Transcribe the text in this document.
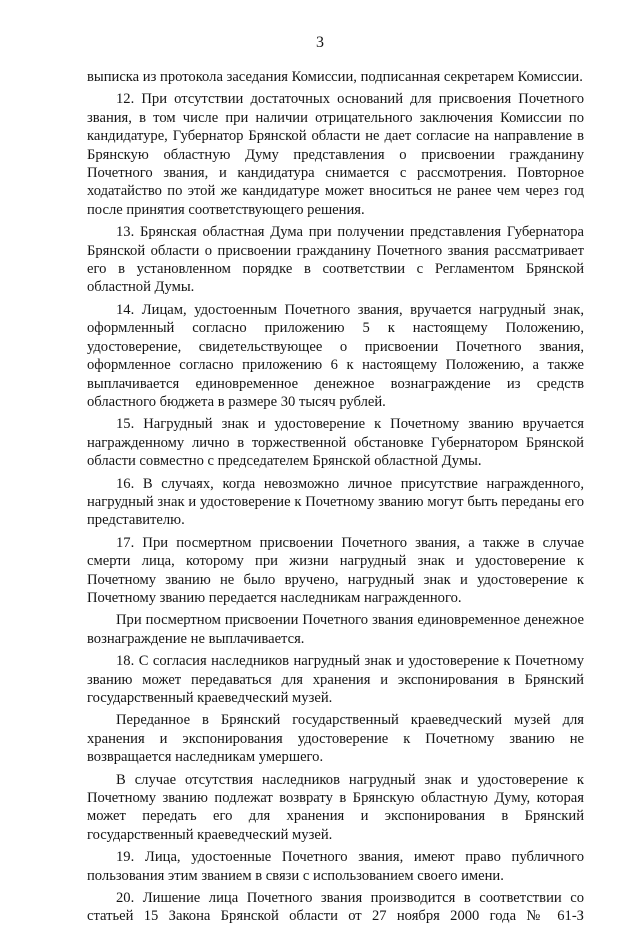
3

выписка из протокола заседания Комиссии, подписанная секретарем Комиссии.

12. При отсутствии достаточных оснований для присвоения Почетного звания, в том числе при наличии отрицательного заключения Комиссии по кандидатуре, Губернатор Брянской области не дает согласие на направление в Брянскую областную Думу представления о присвоении гражданину Почетного звания, и кандидатура снимается с рассмотрения. Повторное ходатайство по этой же кандидатуре может вноситься не ранее чем через год после принятия соответствующего решения.

13. Брянская областная Дума при получении представления Губернатора Брянской области о присвоении гражданину Почетного звания рассматривает его в установленном порядке в соответствии с Регламентом Брянской областной Думы.

14. Лицам, удостоенным Почетного звания, вручается нагрудный знак, оформленный согласно приложению 5 к настоящему Положению, удостоверение, свидетельствующее о присвоении Почетного звания, оформленное согласно приложению 6 к настоящему Положению, а также выплачивается единовременное денежное вознаграждение из средств областного бюджета в размере 30 тысяч рублей.

15. Нагрудный знак и удостоверение к Почетному званию вручается награжденному лично в торжественной обстановке Губернатором Брянской области совместно с председателем Брянской областной Думы.

16. В случаях, когда невозможно личное присутствие награжденного, нагрудный знак и удостоверение к Почетному званию могут быть переданы его представителю.

17. При посмертном присвоении Почетного звания, а также в случае смерти лица, которому при жизни нагрудный знак и удостоверение к Почетному званию не было вручено, нагрудный знак и удостоверение к Почетному званию передается наследникам награжденного.

При посмертном присвоении Почетного звания единовременное денежное вознаграждение не выплачивается.

18. С согласия наследников нагрудный знак и удостоверение к Почетному званию может передаваться для хранения и экспонирования в Брянский государственный краеведческий музей.

Переданное в Брянский государственный краеведческий музей для хранения и экспонирования удостоверение к Почетному званию не возвращается наследникам умершего.

В случае отсутствия наследников нагрудный знак и удостоверение к Почетному званию подлежат возврату в Брянскую областную Думу, которая может передать его для хранения и экспонирования в Брянский государственный краеведческий музей.

19. Лица, удостоенные Почетного звания, имеют право публичного пользования этим званием в связи с использованием своего имени.

20. Лишение лица Почетного звания производится в соответствии со статьей 15 Закона Брянской области от 27 ноября 2000 года № 61-З
